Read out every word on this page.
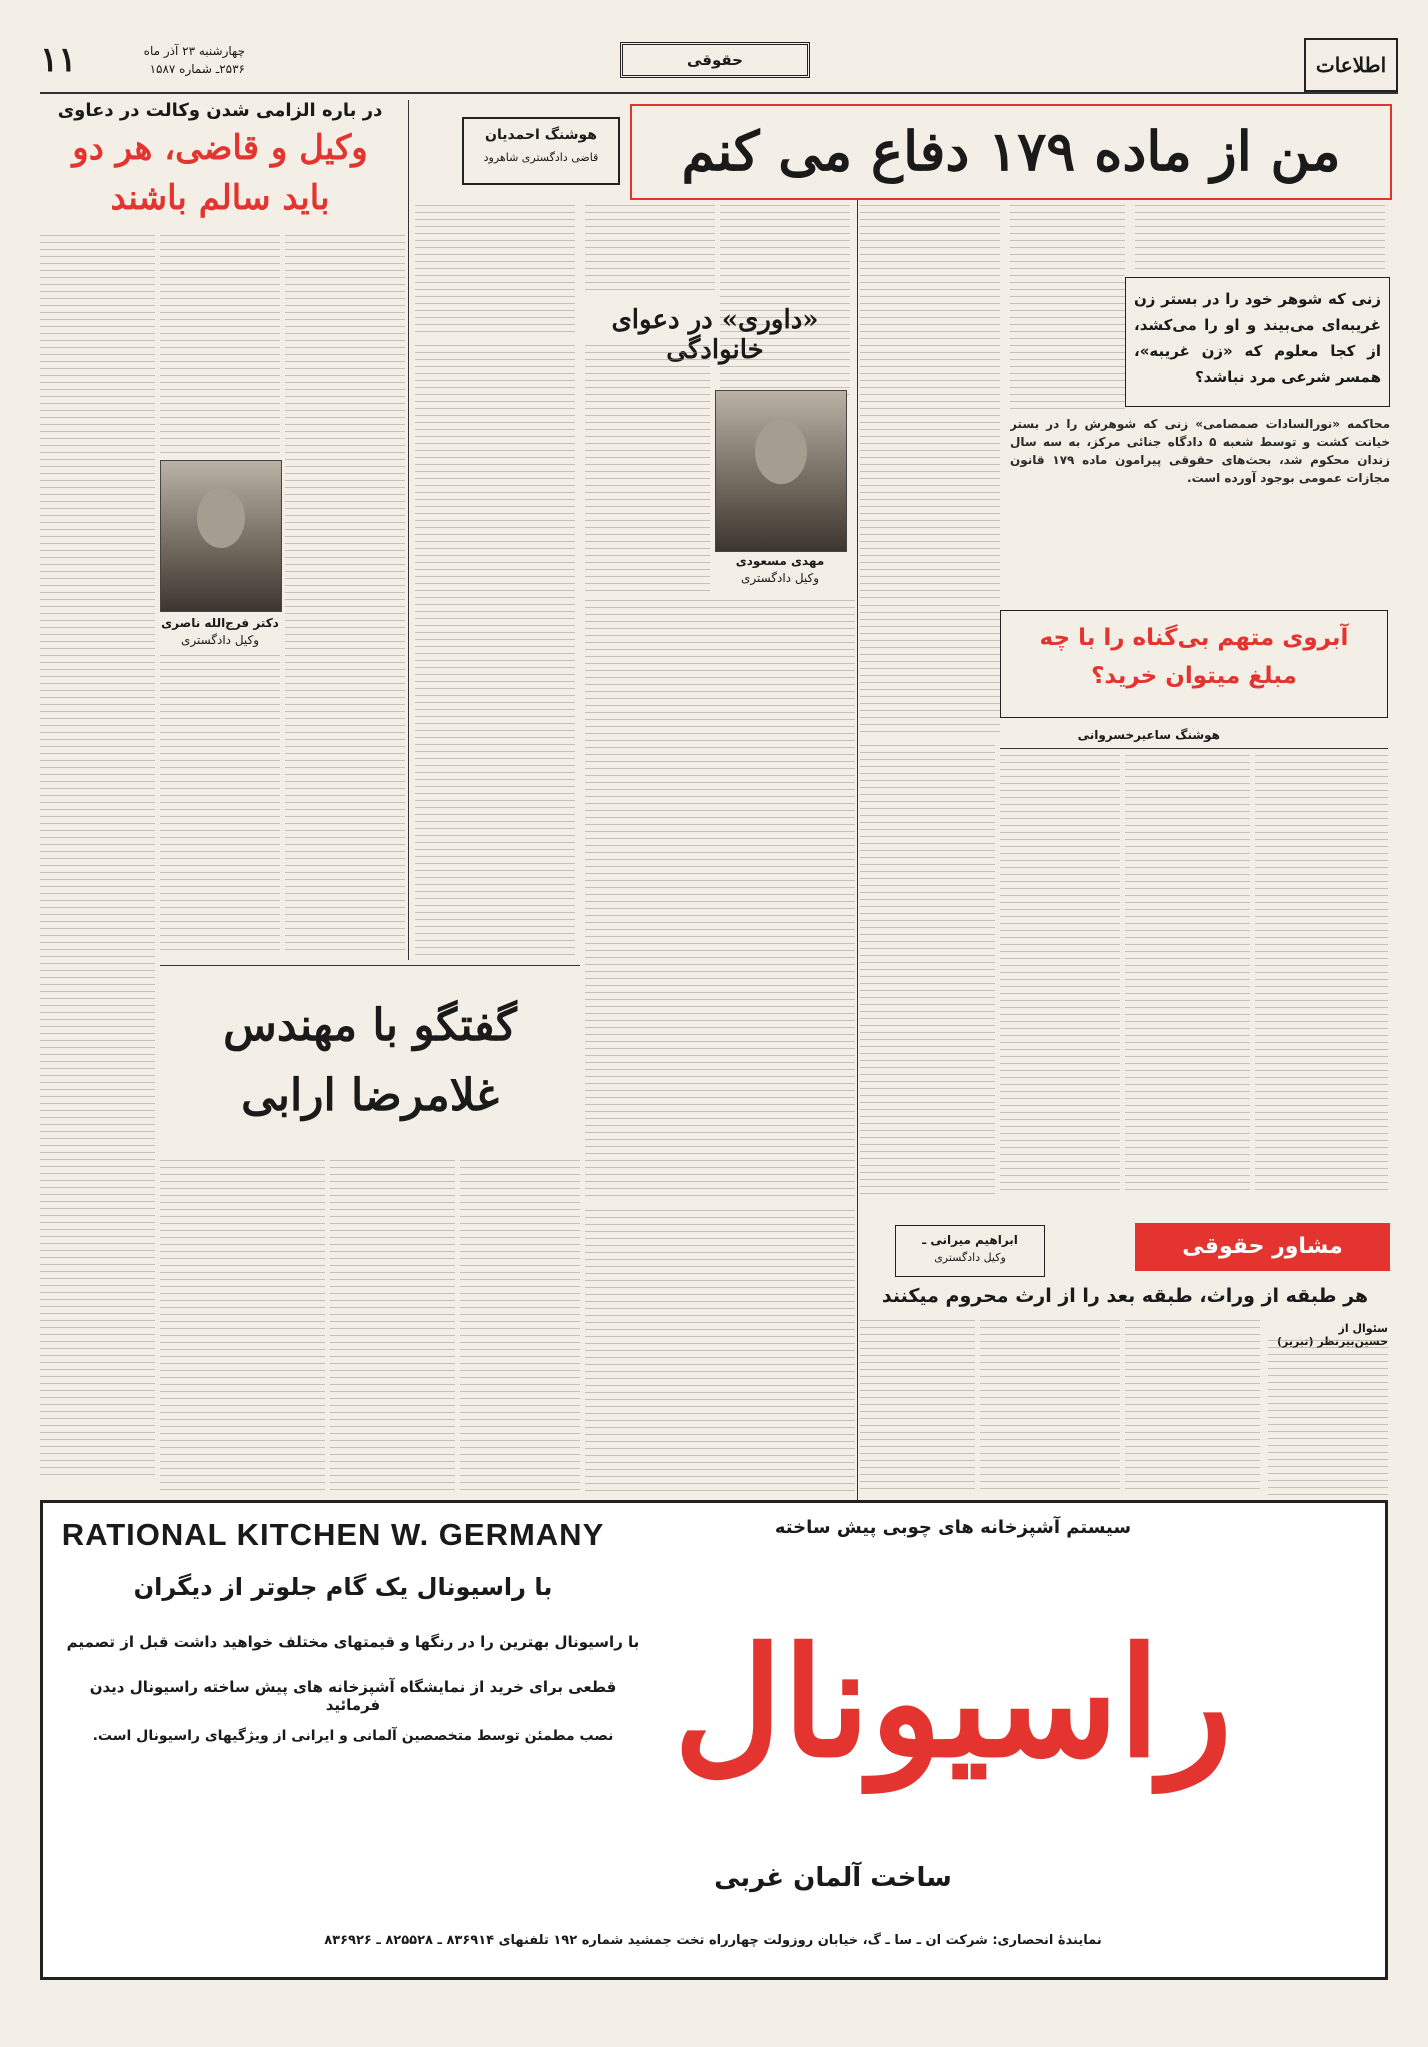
اطلاعات
حقوقی
۱۱	چهارشنبه ۲۳ آذر ماه
۲۵۳۶ـ شماره ۱۵۸۷
من از ماده ۱۷۹ دفاع می کنم
هوشنگ احمدیان
قاضی دادگستری شاهرود
زنی که شوهر خود را در بستر زن غریبه‌ای می‌بیند و او را می‌کشد، از کجا معلوم که «زن غریبه»، همسر شرعی مرد نباشد؟
محاکمه «نورالسادات صمصامی» زنی که شوهرش را در بستر خیانت کشت و توسط شعبه ۵ دادگاه جنائی مرکز، به سه سال زندان محکوم شد، بحث‌های حقوقی پیرامون ماده ۱۷۹ قانون مجازات عمومی بوجود آورده است.
«داوری» در دعوای خانوادگی
مهدی مسعودی
وکیل دادگستری
آبروی متهم بی‌گناه را با چه
مبلغ میتوان خرید؟
هوشنگ ساعیرخسروانی
در باره الزامی شدن وکالت در دعاوی
وکیل و قاضی، هر دو
باید سالم باشند
دکتر فرج‌الله ناصری
وکیل دادگستری
گفتگو با مهندس
غلامرضا ارابی
مشاور حقوقی
ابراهیم میرانی ـ
وکیل دادگستری
هر طبقه از وراث، طبقه بعد را از ارث محروم میکنند
سئوال از حسین‌بیرنظر (تبریز)
RATIONAL KITCHEN W. GERMANY	سیستم آشپزخانه های چوبی پیش ساخته
راسیونال
با راسیونال یک گام جلوتر از دیگران
با راسیونال بهترین را در رنگها و قیمتهای مختلف خواهید داشت قبل از تصمیم
قطعی برای خرید از نمایشگاه آشپزخانه های پیش ساخته راسیونال دیدن فرمائید
نصب مطمئن توسط متخصصین آلمانی و ایرانی از ویژگیهای راسیونال است.
ساخت آلمان غربی
نمایندهٔ انحصاری: شرکت ان ـ سا ـ گ، خیابان روزولت چهارراه تخت جمشید شماره ۱۹۲ تلفنهای ۸۳۶۹۱۴ ـ ۸۲۵۵۲۸ ـ ۸۳۶۹۲۶
